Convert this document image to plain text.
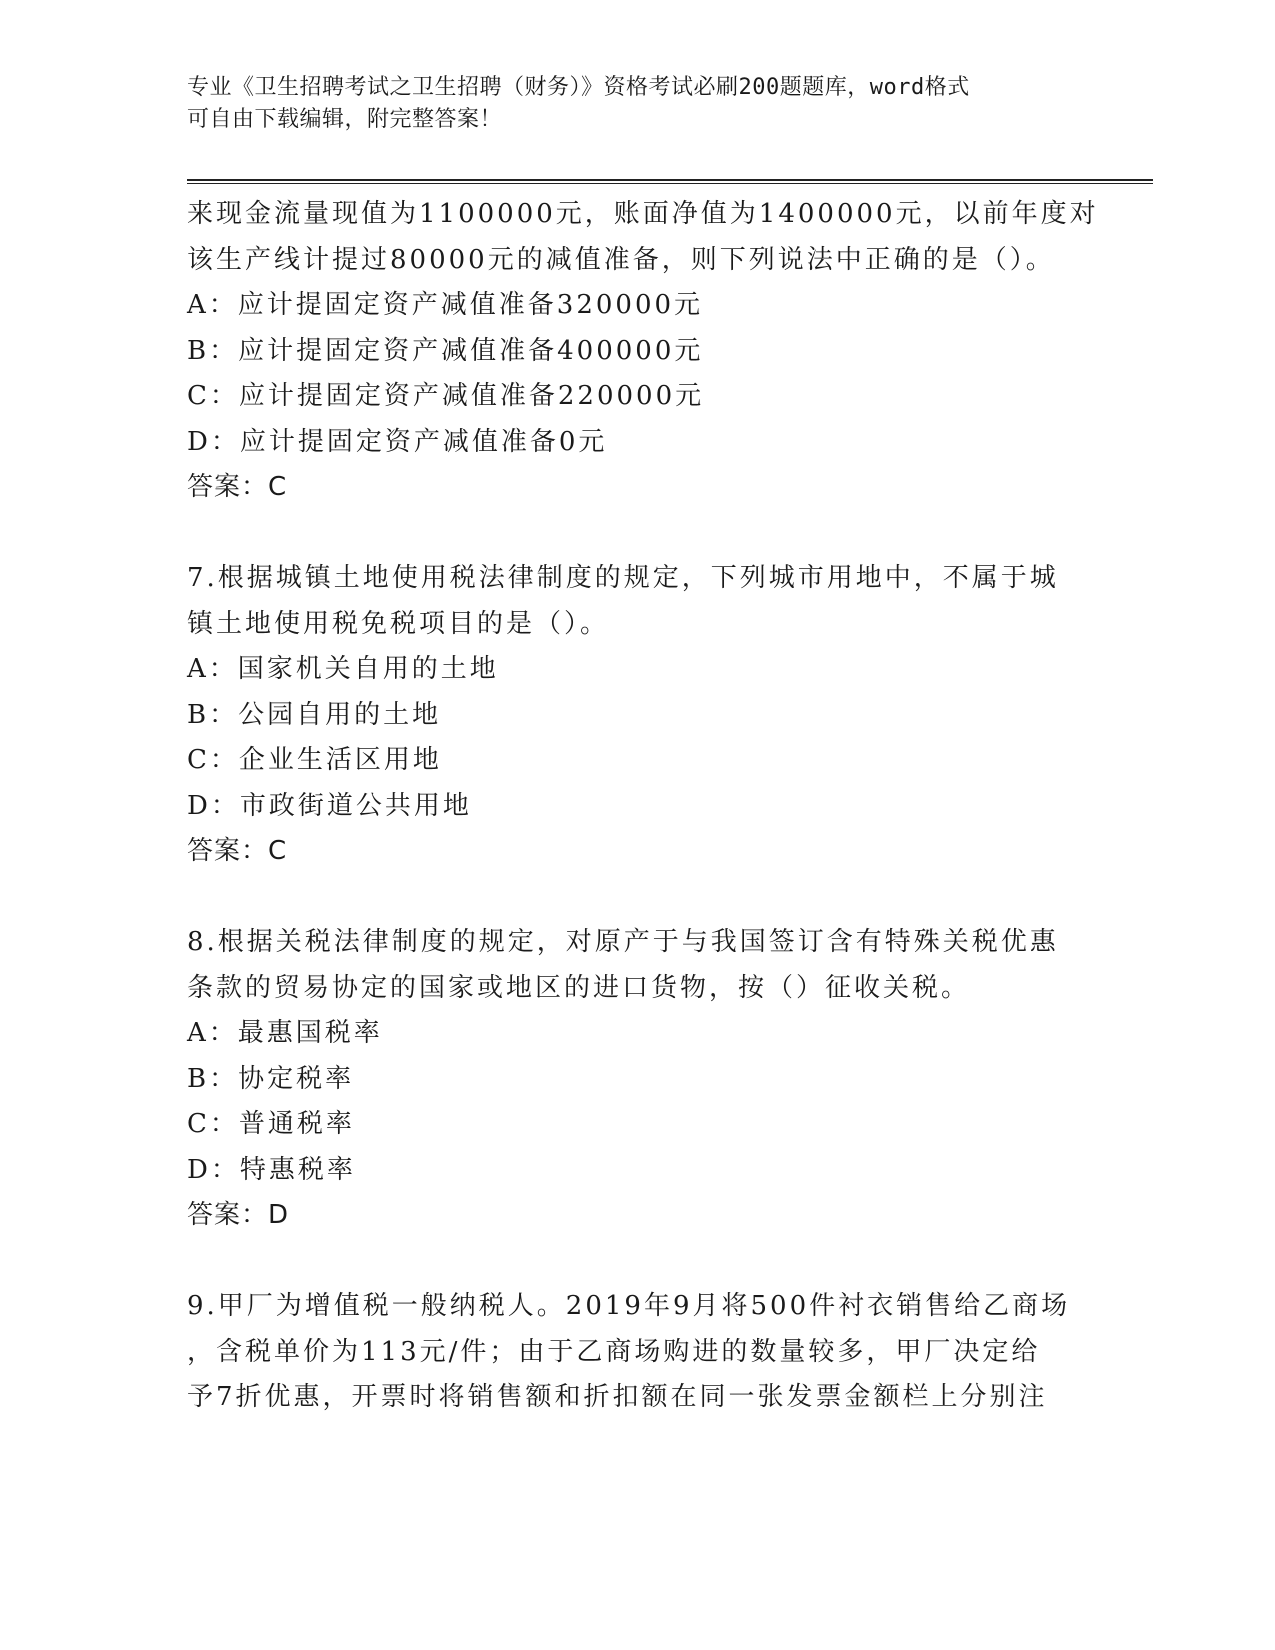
专业《卫生招聘考试之卫生招聘（财务）》资格考试必刷200题题库，word格式
可自由下载编辑，附完整答案！
来现金流量现值为1100000元，账面净值为1400000元，以前年度对
该生产线计提过80000元的减值准备，则下列说法中正确的是（）。
A：应计提固定资产减值准备320000元
B：应计提固定资产减值准备400000元
C：应计提固定资产减值准备220000元
D：应计提固定资产减值准备0元
答案：C
7.根据城镇土地使用税法律制度的规定，下列城市用地中，不属于城
镇土地使用税免税项目的是（）。
A：国家机关自用的土地
B：公园自用的土地
C：企业生活区用地
D：市政街道公共用地
答案：C
8.根据关税法律制度的规定，对原产于与我国签订含有特殊关税优惠
条款的贸易协定的国家或地区的进口货物，按（）征收关税。
A：最惠国税率
B：协定税率
C：普通税率
D：特惠税率
答案：D
9.甲厂为增值税一般纳税人。2019年9月将500件衬衣销售给乙商场
，含税单价为113元/件；由于乙商场购进的数量较多，甲厂决定给
予7折优惠，开票时将销售额和折扣额在同一张发票金额栏上分别注
